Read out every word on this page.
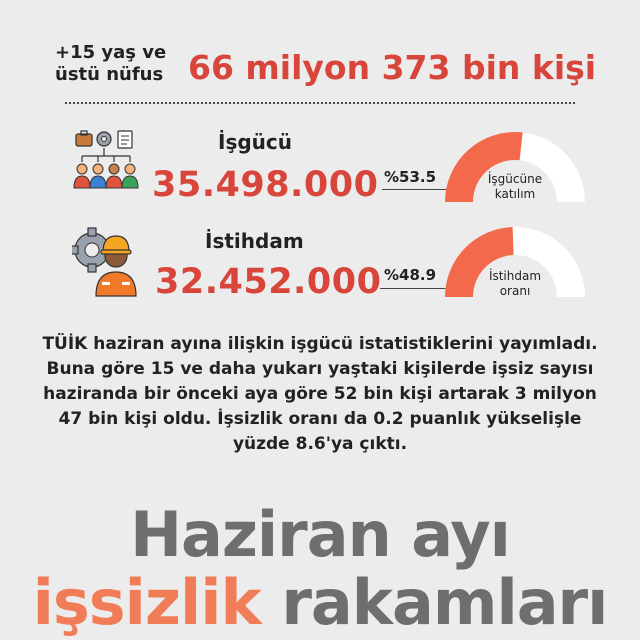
+15 yaş ve
üstü nüfus 66 milyon 373 bin kişi
İşgücü
35.498.000 %53.5	İşgücüne
katılım
İstihdam
32.452.000 %48.9	İstihdam
oranı
TÜİK haziran ayına ilişkin işgücü istatistiklerini yayımladı. Buna göre 15 ve daha yukarı yaştaki kişilerde işsiz sayısı haziranda bir önceki aya göre 52 bin kişi artarak 3 milyon 47 bin kişi oldu. İşsizlik oranı da 0.2 puanlık yükselişle yüzde 8.6'ya çıktı.
Haziran ayı
işsizlik rakamları
